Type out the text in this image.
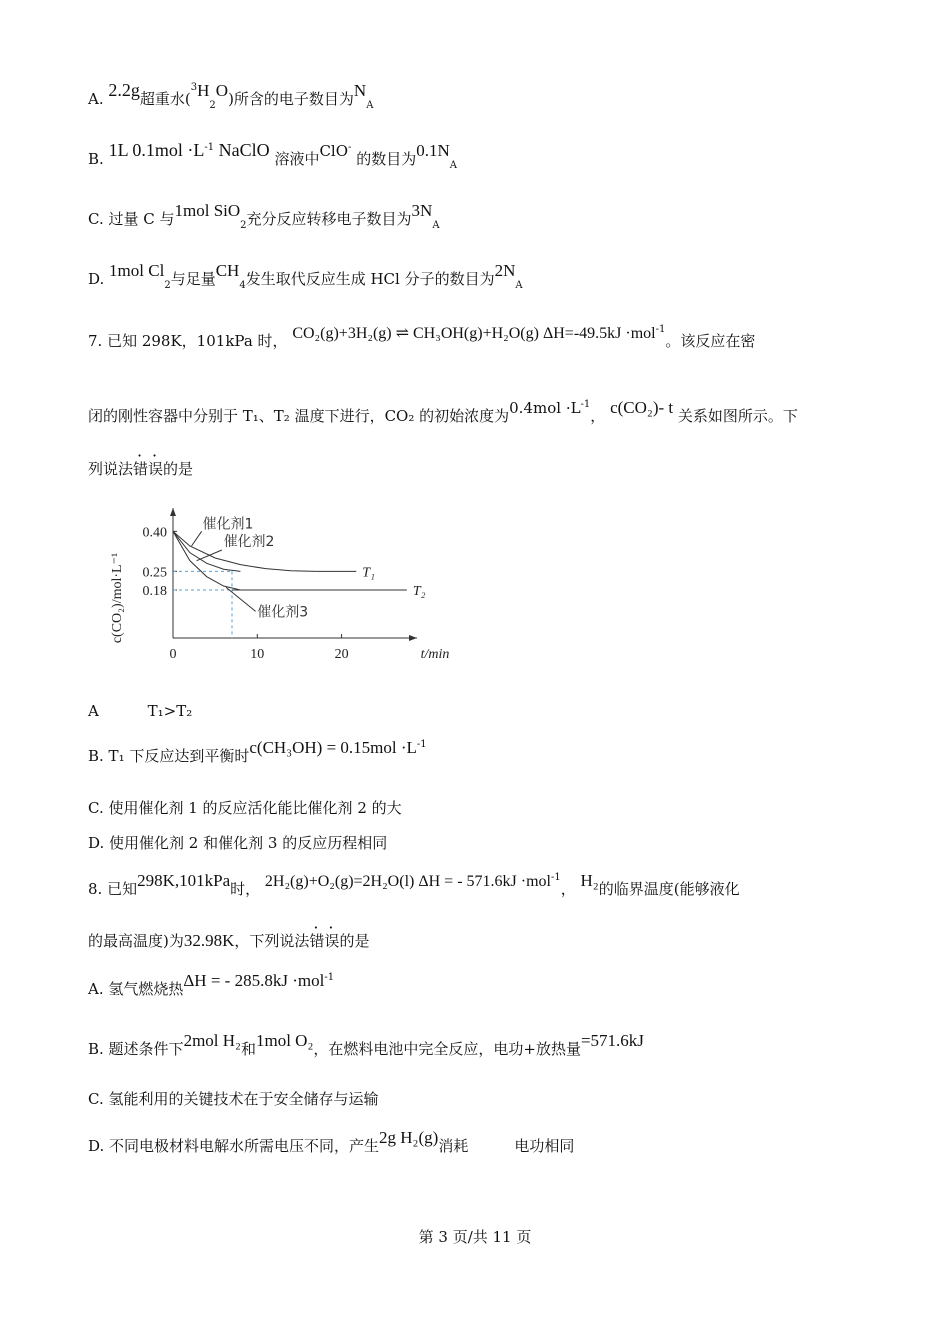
A. 2.2g超重水$(^3H_2O)$所含的电子数目为$N_A$
B. 1L $0.1mol \cdot L^{-1}$ NaClO 溶液中ClO- 的数目为$0.1N_A$
C. 过量 C 与1mol SiO$_2$充分反应转移电子数目为$3N_A$
D. 1mol $Cl_2$与足量$CH_4$发生取代反应生成 HCl 分子的数目为$2N_A$
7. 已知 298K，101kPa 时， CO₂(g)+3H₂(g) ⇌ CH₃OH(g)+H₂O(g) ΔH=-49.5kJ ·mol$^{-1}$。该反应在密
闭的刚性容器中分别于 T₁、T₂ 温度下进行，CO₂ 的初始浓度为$0.4mol \cdot L^{-1}$， c(CO₂)- t 关系如图所示。下
列说法错误的是
0.40
0.25
0.18
0	10	20
c(CO₂)/mol·L⁻¹
t/min
T₁
T₂
催化剂1
催化剂2
催化剂3
A	T₁>T₂
B. T₁ 下反应达到平衡时$c(CH_3OH) = 0.15mol \cdot L^{-1}$
C. 使用催化剂 1 的反应活化能比催化剂 2 的大
D. 使用催化剂 2 和催化剂 3 的反应历程相同
8. 已知298K,101kPa时， 2H₂(g)+O₂(g)=2H₂O(l) ΔH = - 571.6kJ ·mol$^{-1}$， H₂的临界温度(能够液化
的最高温度)为32.98K，下列说法错误的是
A. 氢气燃烧热ΔH = - 285.8kJ ·mol$^{-1}$
B. 题述条件下2mol H₂和1mol O₂，在燃料电池中完全反应，电功+放热量=571.6kJ
C. 氢能利用的关键技术在于安全储存与运输
D. 不同电极材料电解水所需电压不同，产生2g H₂(g)消耗	电功相同
第 3 页/共 11 页
